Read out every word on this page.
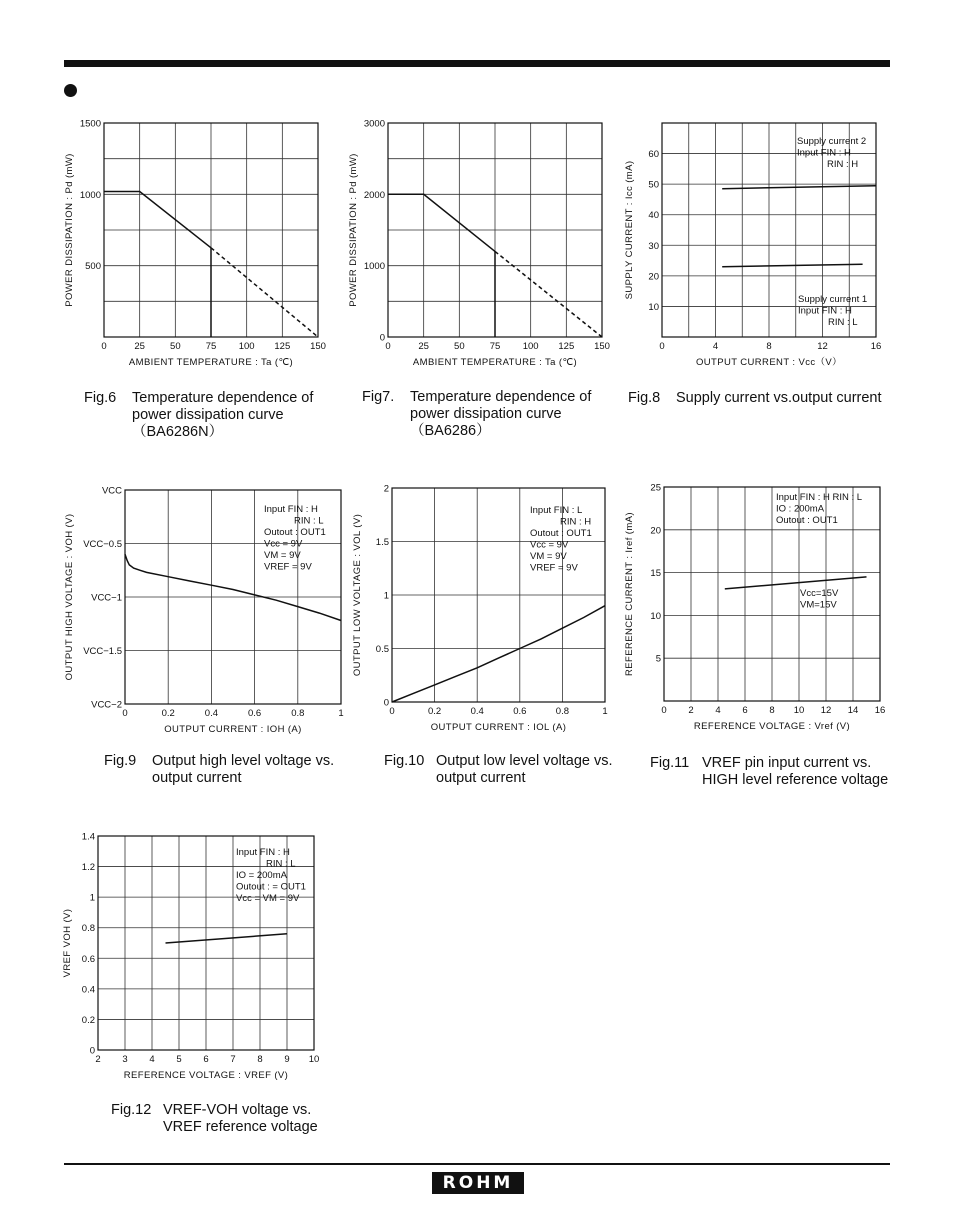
0	25	50	75 100 125 150
500
1000
1500
AMBIENT TEMPERATURE : Ta (℃)
POWER DISSIPATION : Pd (mW)
0	25	50	75 100 125 150
0
1000
2000
3000
AMBIENT TEMPERATURE : Ta (℃)
POWER DISSIPATION : Pd (mW)
0	4	8	12	16
10
20
30
40
50
60
OUTPUT CURRENT : Vcc（V）
SUPPLY CURRENT : Icc (mA)
Supply current 2
Input FIN : H
RIN : H
Supply current 1
Input FIN : H
RIN : L
0	0.2	0.4	0.6	0.8	1
VCC−2
VCC−1.5
VCC−1
VCC−0.5
VCC
OUTPUT CURRENT : IOH (A)
OUTPUT HIGH VOLTAGE : VOH (V)
Input FIN : H
RIN : L
Outout : OUT1
Vcc = 9V
VM = 9V
VREF = 9V
0	0.2	0.4	0.6	0.8	1
0
0.5
1
1.5
2
OUTPUT CURRENT : IOL (A)
OUTPUT LOW VOLTAGE : VOL (V)
Input FIN : L
RIN : H
Outout : OUT1
Vcc = 9V
VM = 9V
VREF = 9V
0 2 4 6 8 10 12 14 16
5
10
15
20
25
REFERENCE VOLTAGE : Vref (V)
REFERENCE CURRENT : Iref (mA)
Input FIN : H RIN : L
IO : 200mA
Outout : OUT1
Vcc=15V
VM=15V
2 3 4 5 6 7 8 9 10
0
0.2
0.4
0.6
0.8
1
1.2
1.4
REFERENCE VOLTAGE : VREF (V)
VREF VOH (V)
Input FIN : H
RIN : L
IO = 200mA
Outout : = OUT1
Vcc = VM = 9V
Fig.6 Temperature dependence of
power dissipation curve
（BA6286N）
Fig7. Temperature dependence of
power dissipation curve
（BA6286）
Fig.8 Supply current vs.output current
Fig.9 Output high level voltage vs.
output current
Fig.10 Output low level voltage vs.
output current
Fig.11 VREF pin input current vs.
HIGH level reference voltage
Fig.12 VREF-VOH voltage vs.
VREF reference voltage
ROHM
